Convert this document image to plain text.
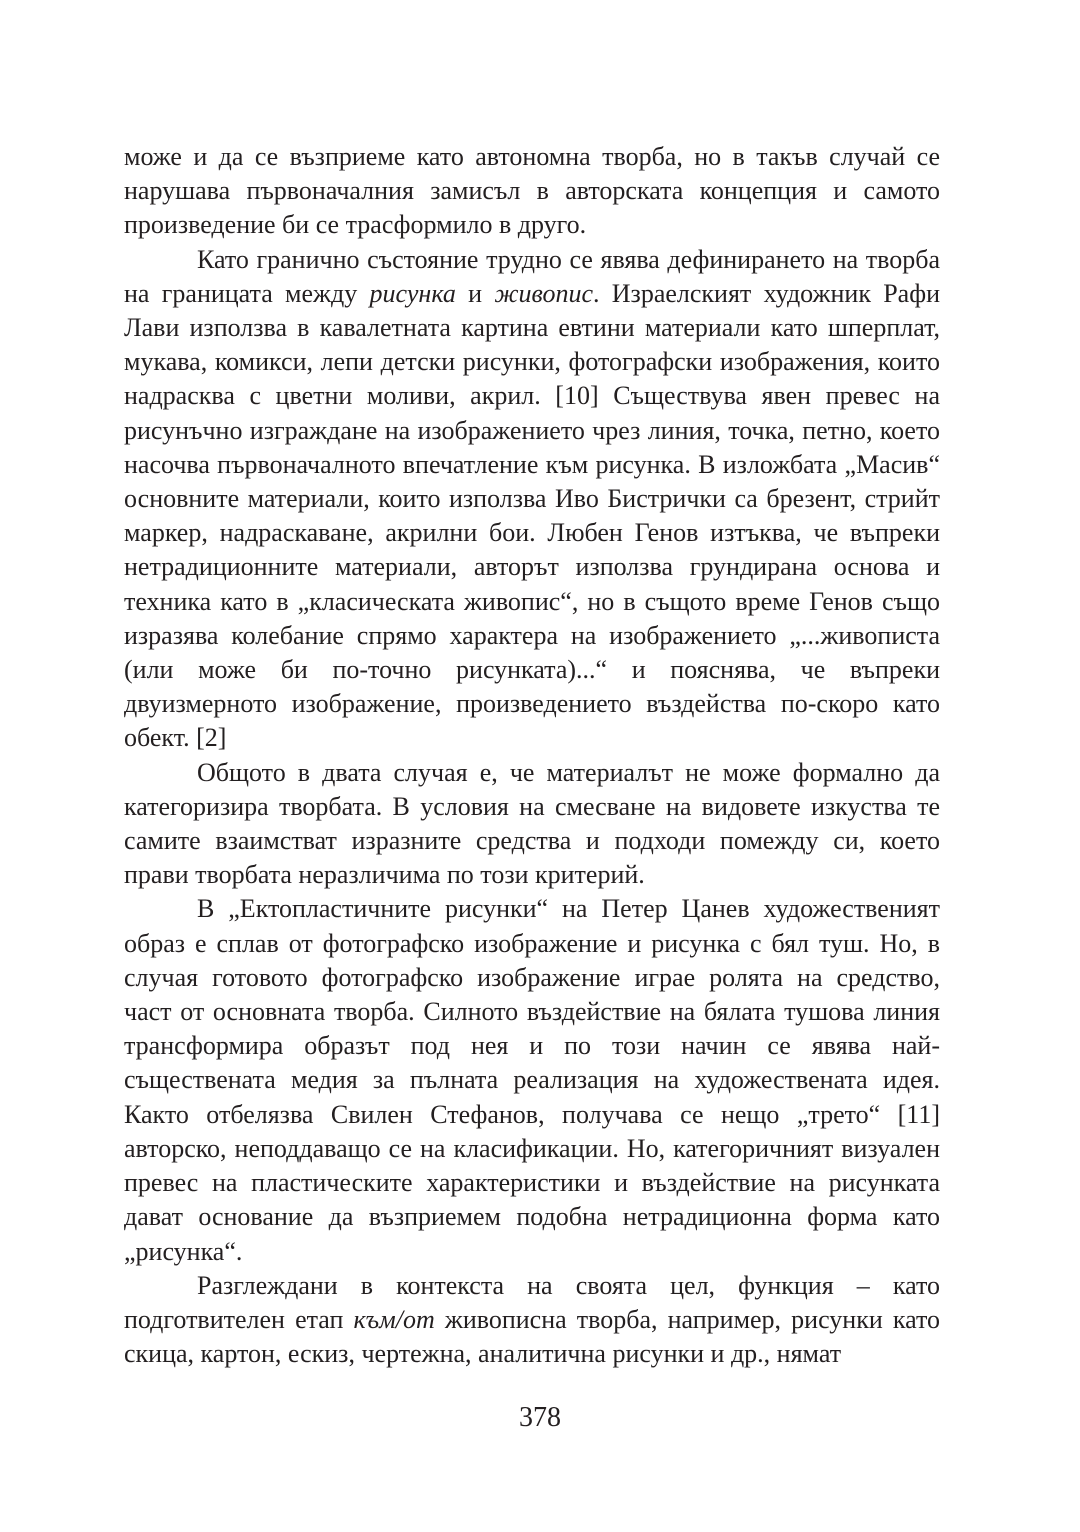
може и да се възприеме като автономна творба, но в такъв случай се нарушава първоначалния замисъл в авторската концепция и самото произведение би се трасформило в друго.

Като гранично състояние трудно се явява дефинирането на творба на границата между рисунка и живопис. Израелският художник Рафи Лави използва в кавалетната картина евтини материали като шперплат, мукава, комикси, лепи детски рисунки, фотографски изображения, които надрасква с цветни моливи, акрил. [10] Съществува явен превес на рисунъчно изграждане на изображението чрез линия, точка, петно, което насочва първоначалното впечатление към рисунка. В изложбата „Масив“ основните материали, които използва Иво Бистрички са брезент, стрийт маркер, надраскаване, акрилни бои. Любен Генов изтъква, че въпреки нетрадиционните материали, авторът използва грундирана основа и техника като в „класическата живопис“, но в същото време Генов също изразява колебание спрямо характера на изображението „...живописта (или може би по-точно рисунката)...“ и пояснява, че въпреки двуизмерното изображение, произведението въздейства по-скоро като обект. [2]

Общото в двата случая е, че материалът не може формално да категоризира творбата. В условия на смесване на видовете изкуства те самите взаимстват изразните средства и подходи помежду си, което прави творбата неразличима по този критерий.

В „Ектопластичните рисунки“ на Петер Цанев художественият образ е сплав от фотографско изображение и рисунка с бял туш. Но, в случая готовото фотографско изображение играе ролята на средство, част от основната творба. Силното въздействие на бялата тушова линия трансформира образът под нея и по този начин се явява най-съществената медия за пълната реализация на художествената идея. Както отбелязва Свилен Стефанов, получава се нещо „трето“ [11] авторско, неподдаващо се на класификации. Но, категоричният визуален превес на пластическите характеристики и въздействие на рисунката дават основание да възприемем подобна нетрадиционна форма като „рисунка“.

Разглеждани в контекста на своята цел, функция – като подготвителен етап към/от живописна творба, например, рисунки като скица, картон, ескиз, чертежна, аналитична рисунки и др., нямат

378
